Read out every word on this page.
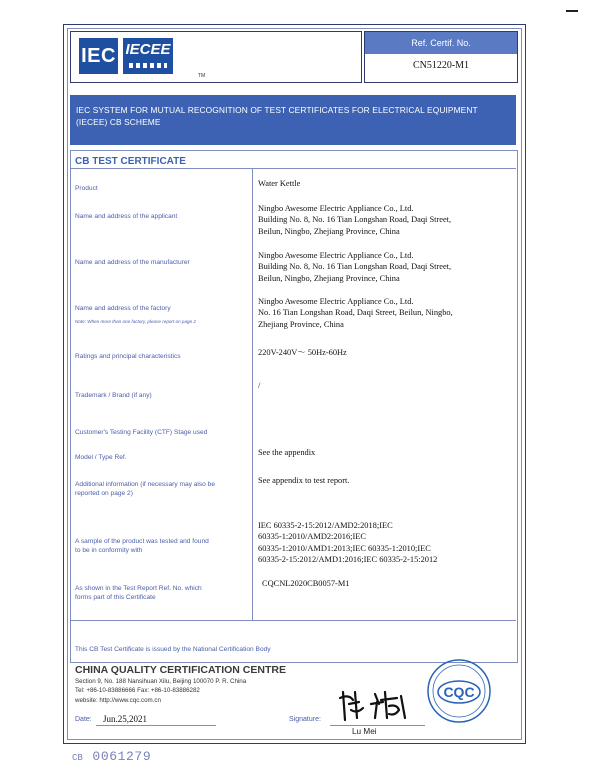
IEC IECEE
TM
Ref. Certif. No.
CN51220-M1
IEC SYSTEM FOR MUTUAL RECOGNITION OF TEST CERTIFICATES FOR ELECTRICAL EQUIPMENT (IECEE) CB SCHEME
CB TEST CERTIFICATE
Product
Water Kettle
Name and address of the applicant
Ningbo Awesome Electric Appliance Co., Ltd.
Building No. 8, No. 16 Tian Longshan Road, Daqi Street,
Beilun, Ningbo, Zhejiang Province, China
Name and address of the manufacturer
Ningbo Awesome Electric Appliance Co., Ltd.
Building No. 8, No. 16 Tian Longshan Road, Daqi Street,
Beilun, Ningbo, Zhejiang Province, China
Name and address of the factory
Note: When more than one factory, please report on page 2
Ningbo Awesome Electric Appliance Co., Ltd.
No. 16 Tian Longshan Road, Daqi Street, Beilun, Ningbo,
Zhejiang Province, China
Ratings and principal characteristics	220V-240V～ 50Hz-60Hz
Trademark / Brand (if any)
/
Customer's Testing Facility (CTF) Stage used
Model / Type Ref.
See the appendix
Additional information (if necessary may also be
reported on page 2)
See appendix to test report.
A sample of the product was tested and found
to be in conformity with
IEC 60335-2-15:2012/AMD2:2018;IEC
60335-1:2010/AMD2:2016;IEC
60335-1:2010/AMD1:2013;IEC 60335-1:2010;IEC
60335-2-15:2012/AMD1:2016;IEC 60335-2-15:2012
As shown in the Test Report Ref. No. which
forms part of this Certificate
CQCNL2020CB0057-M1
This CB Test Certificate is issued by the National Certification Body
CHINA QUALITY CERTIFICATION CENTRE
Section 9, No. 188 Nansihuan Xilu, Beijing 100070 P. R. China
Tel: +86-10-83886666 Fax: +86-10-83886282
website: http://www.cqc.com.cn
CQC
Date: Jun.25,2021	Signature:
Lu Mei
CB 0061279
